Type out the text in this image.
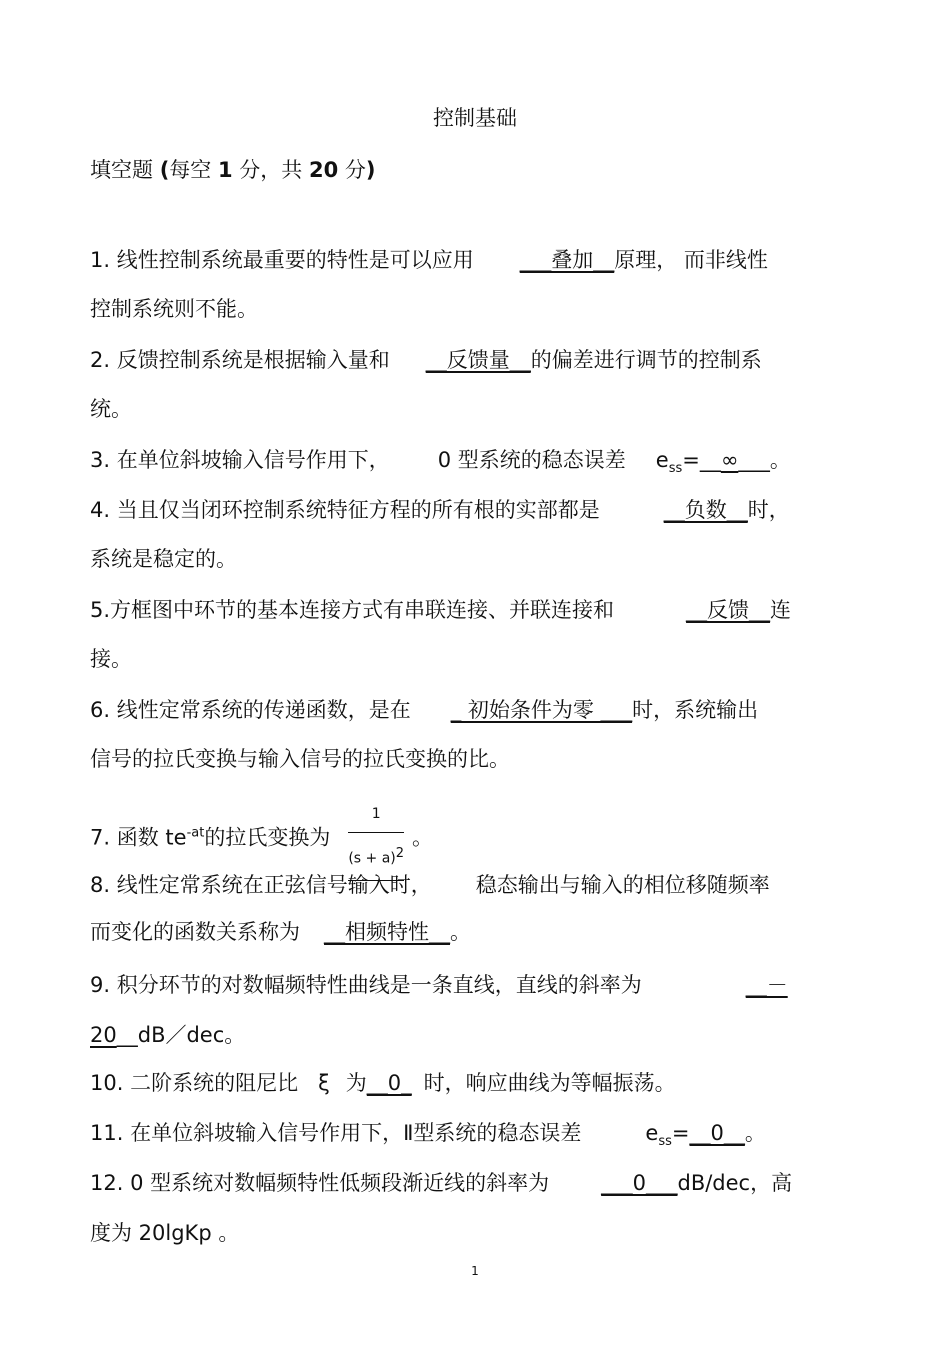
控制基础
填空题 (每空 1 分，共 20 分)
1. 线性控制系统最重要的特性是可以应用 ___叠加__原理， 而非线性
控制系统则不能。
2. 反馈控制系统是根据输入量和 __反馈量__的偏差进行调节的控制系
统。
3. 在单位斜坡输入信号作用下， 0 型系统的稳态误差 $e_{ss}=\_\_\infty\_\_\_$。
4. 当且仅当闭环控制系统特征方程的所有根的实部都是	__负数__时，
系统是稳定的。
5.方框图中环节的基本连接方式有串联连接、并联连接和	__反馈__连
接。
6. 线性定常系统的传递函数，是在 _ 初始条件为零 ___时，系统输出
信号的拉氏变换与输入信号的拉氏变换的比。
7. 函数 $te^{-at}$的拉氏变换为 $\frac{1}{(s + a)^2}$ 。
8. 线性定常系统在正弦信号输入时， 稳态输出与输入的相位移随频率
而变化的函数关系称为 __相频特性__。
9. 积分环节的对数幅频特性曲线是一条直线，直线的斜率为	__－
20__dB／dec。
10. 二阶系统的阻尼比 ξ 为__0_ 时，响应曲线为等幅振荡。
11. 在单位斜坡输入信号作用下，Ⅱ型系统的稳态误差	$e_{ss}=\_\_0\_\_$。
12. 0 型系统对数幅频特性低频段渐近线的斜率为 ___0___dB/dec，高
度为 20lgKp 。
1
